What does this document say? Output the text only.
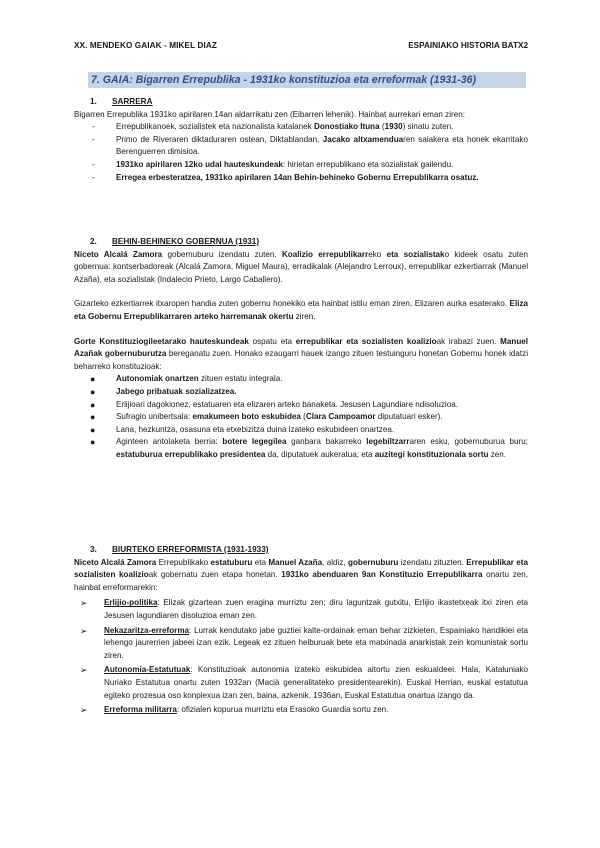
XX. MENDEKO GAIAK - MIKEL DIAZ	ESPAINIAKO HISTORIA BATX2
7. GAIA: Bigarren Errepublika - 1931ko konstituzioa eta erreformak (1931-36)
1. SARRERA

Bigarren Errepublika 1931ko apirilaren 14an aldarrikatu zen (Eibarren lehenik). Hainbat aurrekari eman ziren:

-	Errepublikanoek, sozialistek eta nazionalista katalanek Donostiako Ituna (1930) sinatu zuten.
-	Primo de Riveraren diktaduraren ostean, Diktablandan, Jacako altxamenduaren saiakera eta honek ekarritako Berenguerren dimisioa.
-	1931ko apirilaren 12ko udal hauteskundeak: hirietan errepublikano eta sozialistak gailendu.
-	Erregea erbesteratzea, 1931ko apirilaren 14an Behin-behineko Gobernu Errepublikarra osatuz.
2. BEHIN-BEHINEKO GOBERNUA (1931)

Niceto Alcalá Zamora gobernuburu izendatu zuten. Koalizio errepublikarreko eta sozialistako kideek osatu zuten gobernua: kontserbadoreak (Alcalá Zamora, Miguel Maura), erradikalak (Alejandro Lerroux), errepublikar ezkertiarrak (Manuel Azaña), eta sozialistak (Indalecio Prieto, Largo Caballero).

Gizarteko ezkertiarrek itxaropen handia zuten gobernu honekiko eta hainbat istilu eman ziren, Elizaren aurka esaterako. Eliza eta Gobernu Errepublikarraren arteko harremanak okertu ziren.

Gorte Konstituziogileetarako hauteskundeak ospatu eta errepublikar eta sozialisten koalizioak irabazi zuen. Manuel Azañak gobernuburutza bereganatu zuen. Honako ezaugarri hauek izango zituen testuinguru honetan Gobernu honek idatzi beharreko konstituzioak:

●	Autonomiak onartzen zituen estatu integrala.
●	Jabego pribatuak sozializatzea.
●	Erlijioari dagokionez, estatuaren eta elizaren arteko banaketa. Jesusen Lagundiare ndisoluzioa.
●	Sufragio unibertsala: emakumeen boto eskubidea (Clara Campoamor diputatuari esker).
●	Lana, hezkuntza, osasuna eta etxebizitza duina izateko eskubideen onartzea.
●	Aginteen antolaketa berria: botere legegilea ganbara bakarreko legebiltzarraren esku, gobernuburua buru; estatuburua errepublikako presidentea da, diputatuek aukeratua; eta auzitegi konstituzionala sortu zen.
3. BIURTEKO ERREFORMISTA (1931-1933)

Niceto Alcalá Zamora Errepublikako estatuburu eta Manuel Azaña, aldiz, gobernuburu izendatu zituzten. Errepublikar eta sozialisten koalizioak gobernatu zuen etapa honetan. 1931ko abenduaren 9an Konstituzio Errepublikarra onartu zen, hainbat erreformarekin:

➢ Erlijio-politika: Elizak gizartean zuen eragina murriztu zen; diru laguntzak gutxitu, Erlijio ikastetxeak itxi ziren eta Jesusen lagundiaren disoluzioa eman zen.
➢ Nekazaritza-erreforma: Lurrak kendutako jabe guztiei kalte-ordainak eman behar zizkieten, Espainiako handikiei eta lehengo jaurerrien jabeei izan ezik. Legeak ez zituen helburuak bete eta matxinada anarkistak zein komunistak sortu ziren.
➢ Autonomia-Estatutuak: Konstituzioak autonomia izateko eskubidea aitortu zien eskualdeei. Hala, Kataluniako Nuriako Estatutua onartu zuten 1932an (Macià generalitateko presidentearekin). Euskal Herrian, euskal estatutua egiteko prozesua oso konplexua izan zen, baina, azkenik, 1936an, Euskal Estatutua onartua izango da.
➢ Erreforma militarra: ofizialen kopurua murriztu eta Erasoko Guardia sortu zen.
